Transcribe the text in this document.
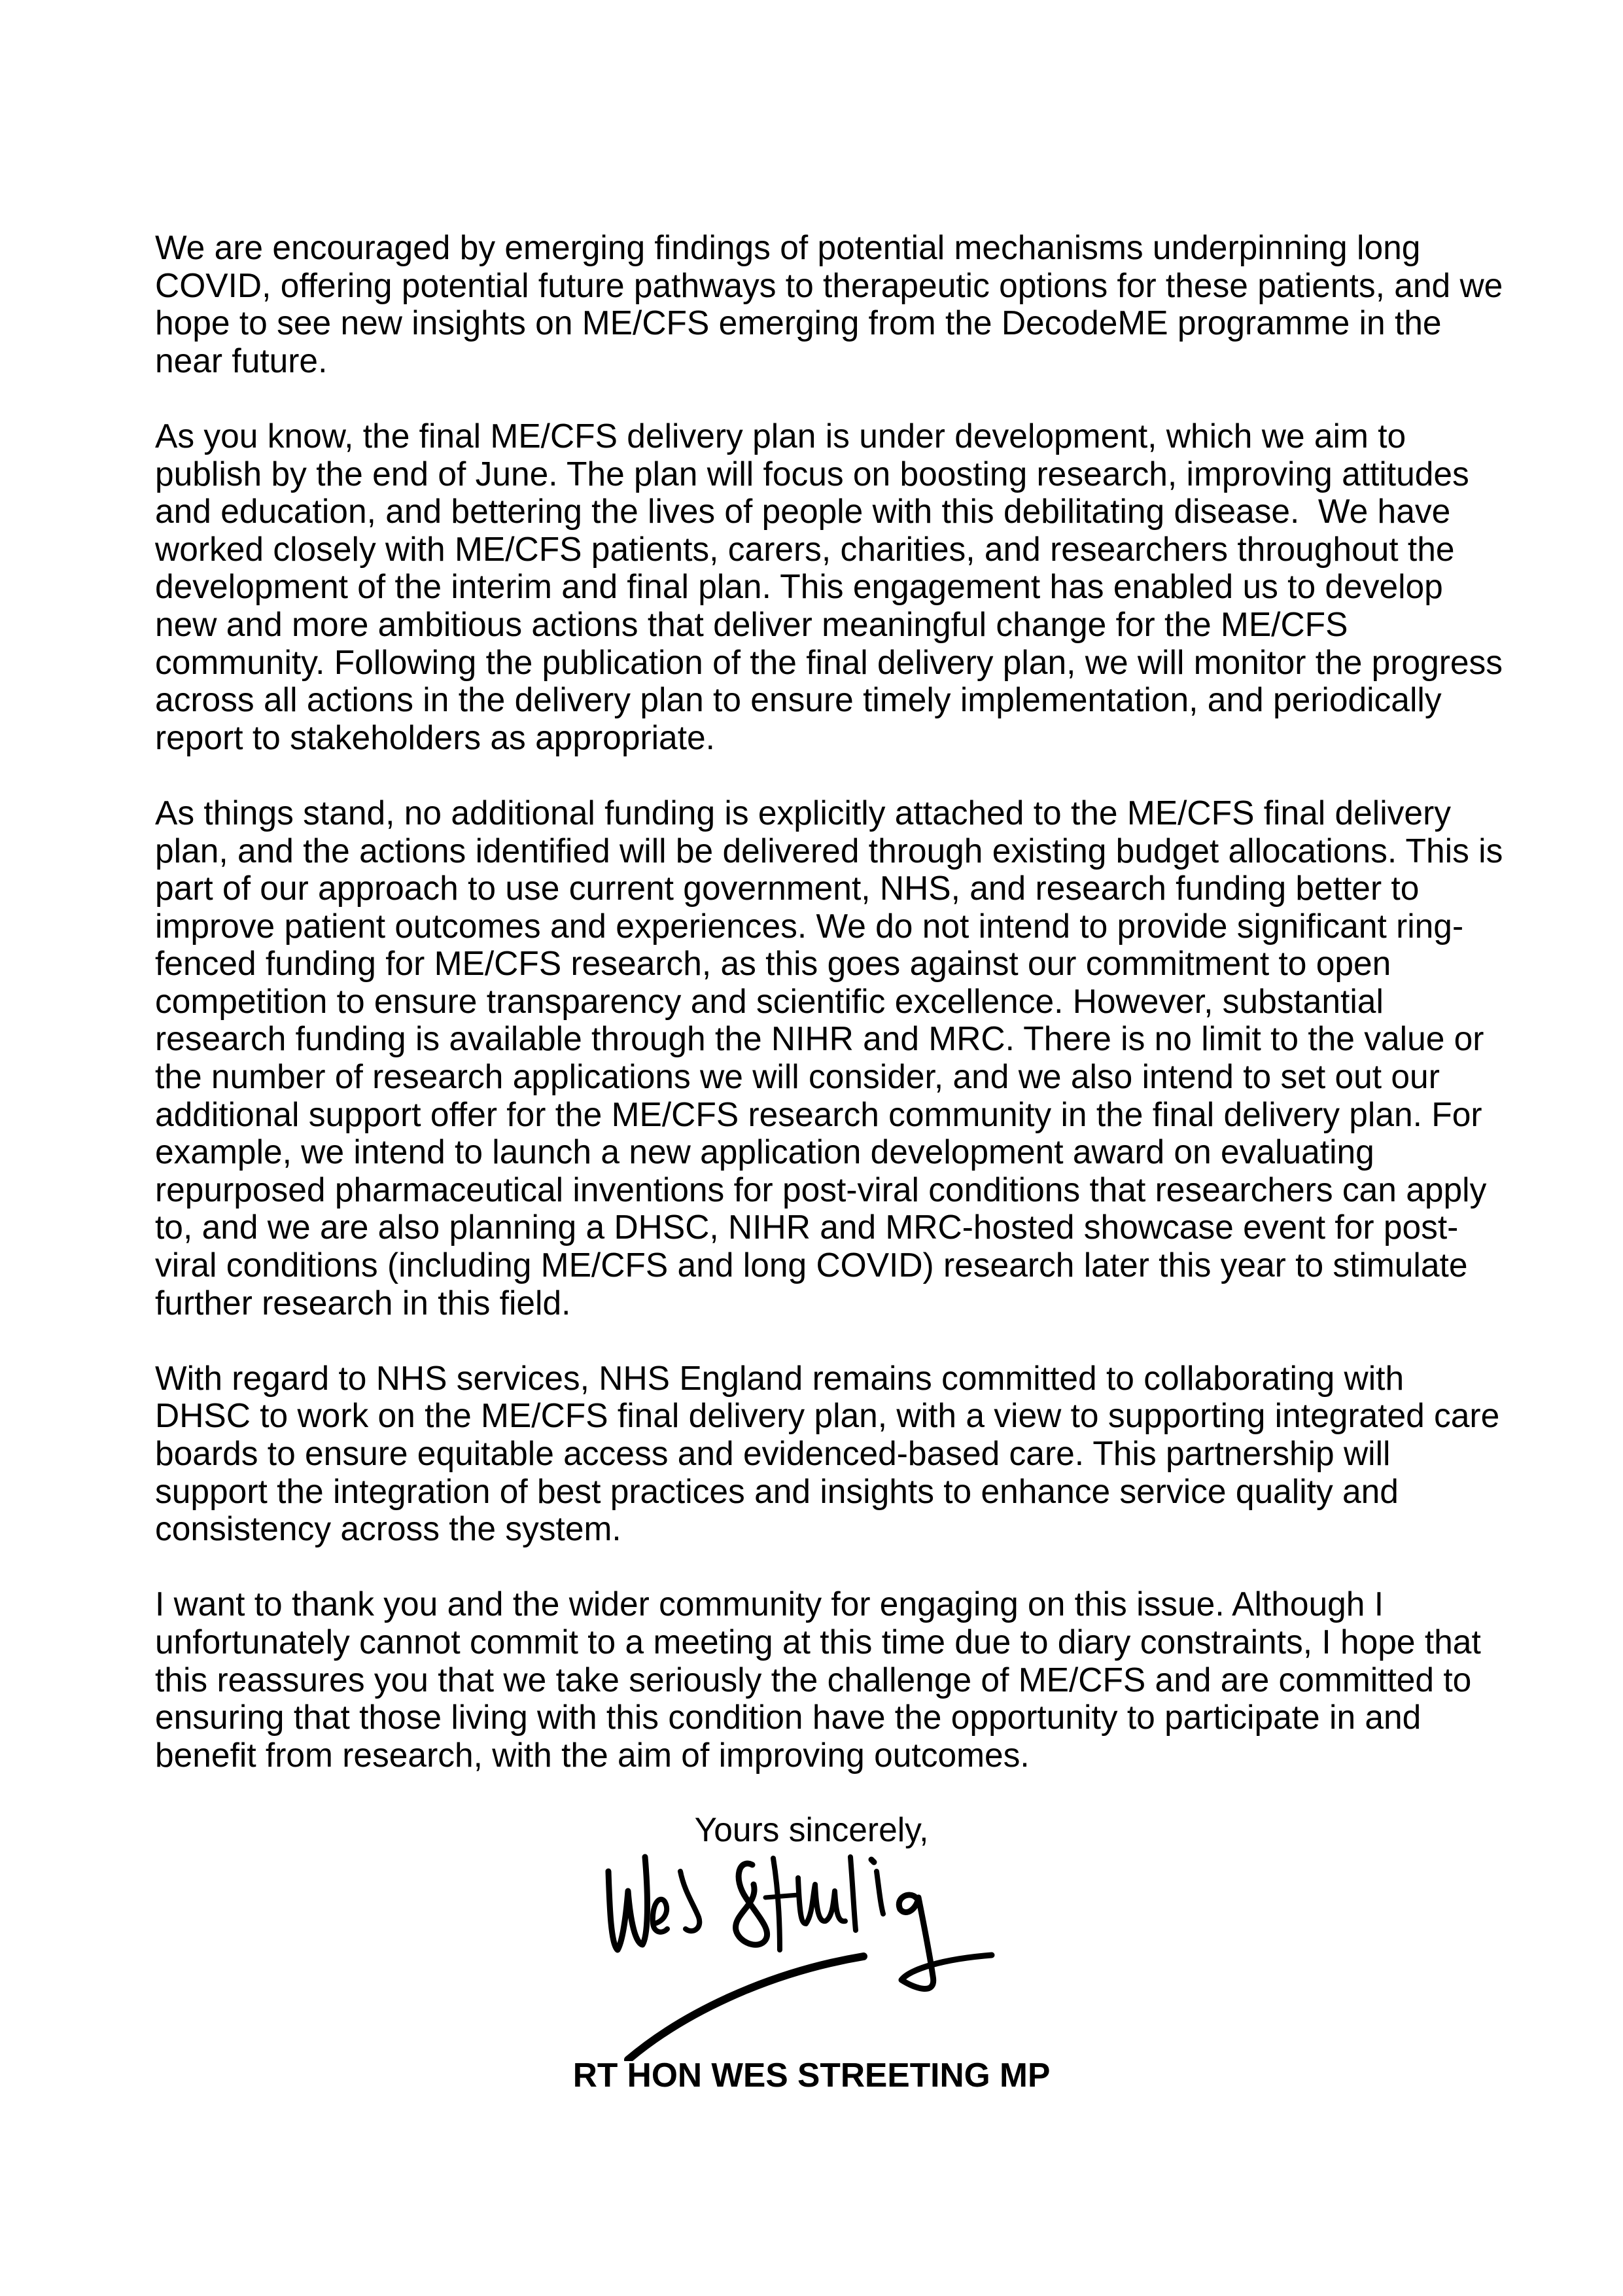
We are encouraged by emerging findings of potential mechanisms underpinning long
COVID, offering potential future pathways to therapeutic options for these patients, and we
hope to see new insights on ME/CFS emerging from the DecodeME programme in the
near future.

As you know, the final ME/CFS delivery plan is under development, which we aim to
publish by the end of June. The plan will focus on boosting research, improving attitudes
and education, and bettering the lives of people with this debilitating disease.  We have
worked closely with ME/CFS patients, carers, charities, and researchers throughout the
development of the interim and final plan. This engagement has enabled us to develop
new and more ambitious actions that deliver meaningful change for the ME/CFS
community. Following the publication of the final delivery plan, we will monitor the progress
across all actions in the delivery plan to ensure timely implementation, and periodically
report to stakeholders as appropriate.

As things stand, no additional funding is explicitly attached to the ME/CFS final delivery
plan, and the actions identified will be delivered through existing budget allocations. This is
part of our approach to use current government, NHS, and research funding better to
improve patient outcomes and experiences. We do not intend to provide significant ring-
fenced funding for ME/CFS research, as this goes against our commitment to open
competition to ensure transparency and scientific excellence. However, substantial
research funding is available through the NIHR and MRC. There is no limit to the value or
the number of research applications we will consider, and we also intend to set out our
additional support offer for the ME/CFS research community in the final delivery plan. For
example, we intend to launch a new application development award on evaluating
repurposed pharmaceutical inventions for post-viral conditions that researchers can apply
to, and we are also planning a DHSC, NIHR and MRC-hosted showcase event for post-
viral conditions (including ME/CFS and long COVID) research later this year to stimulate
further research in this field.

With regard to NHS services, NHS England remains committed to collaborating with
DHSC to work on the ME/CFS final delivery plan, with a view to supporting integrated care
boards to ensure equitable access and evidenced-based care. This partnership will
support the integration of best practices and insights to enhance service quality and
consistency across the system.

I want to thank you and the wider community for engaging on this issue. Although I
unfortunately cannot commit to a meeting at this time due to diary constraints, I hope that
this reassures you that we take seriously the challenge of ME/CFS and are committed to
ensuring that those living with this condition have the opportunity to participate in and
benefit from research, with the aim of improving outcomes.

Yours sincerely,
RT HON WES STREETING MP
